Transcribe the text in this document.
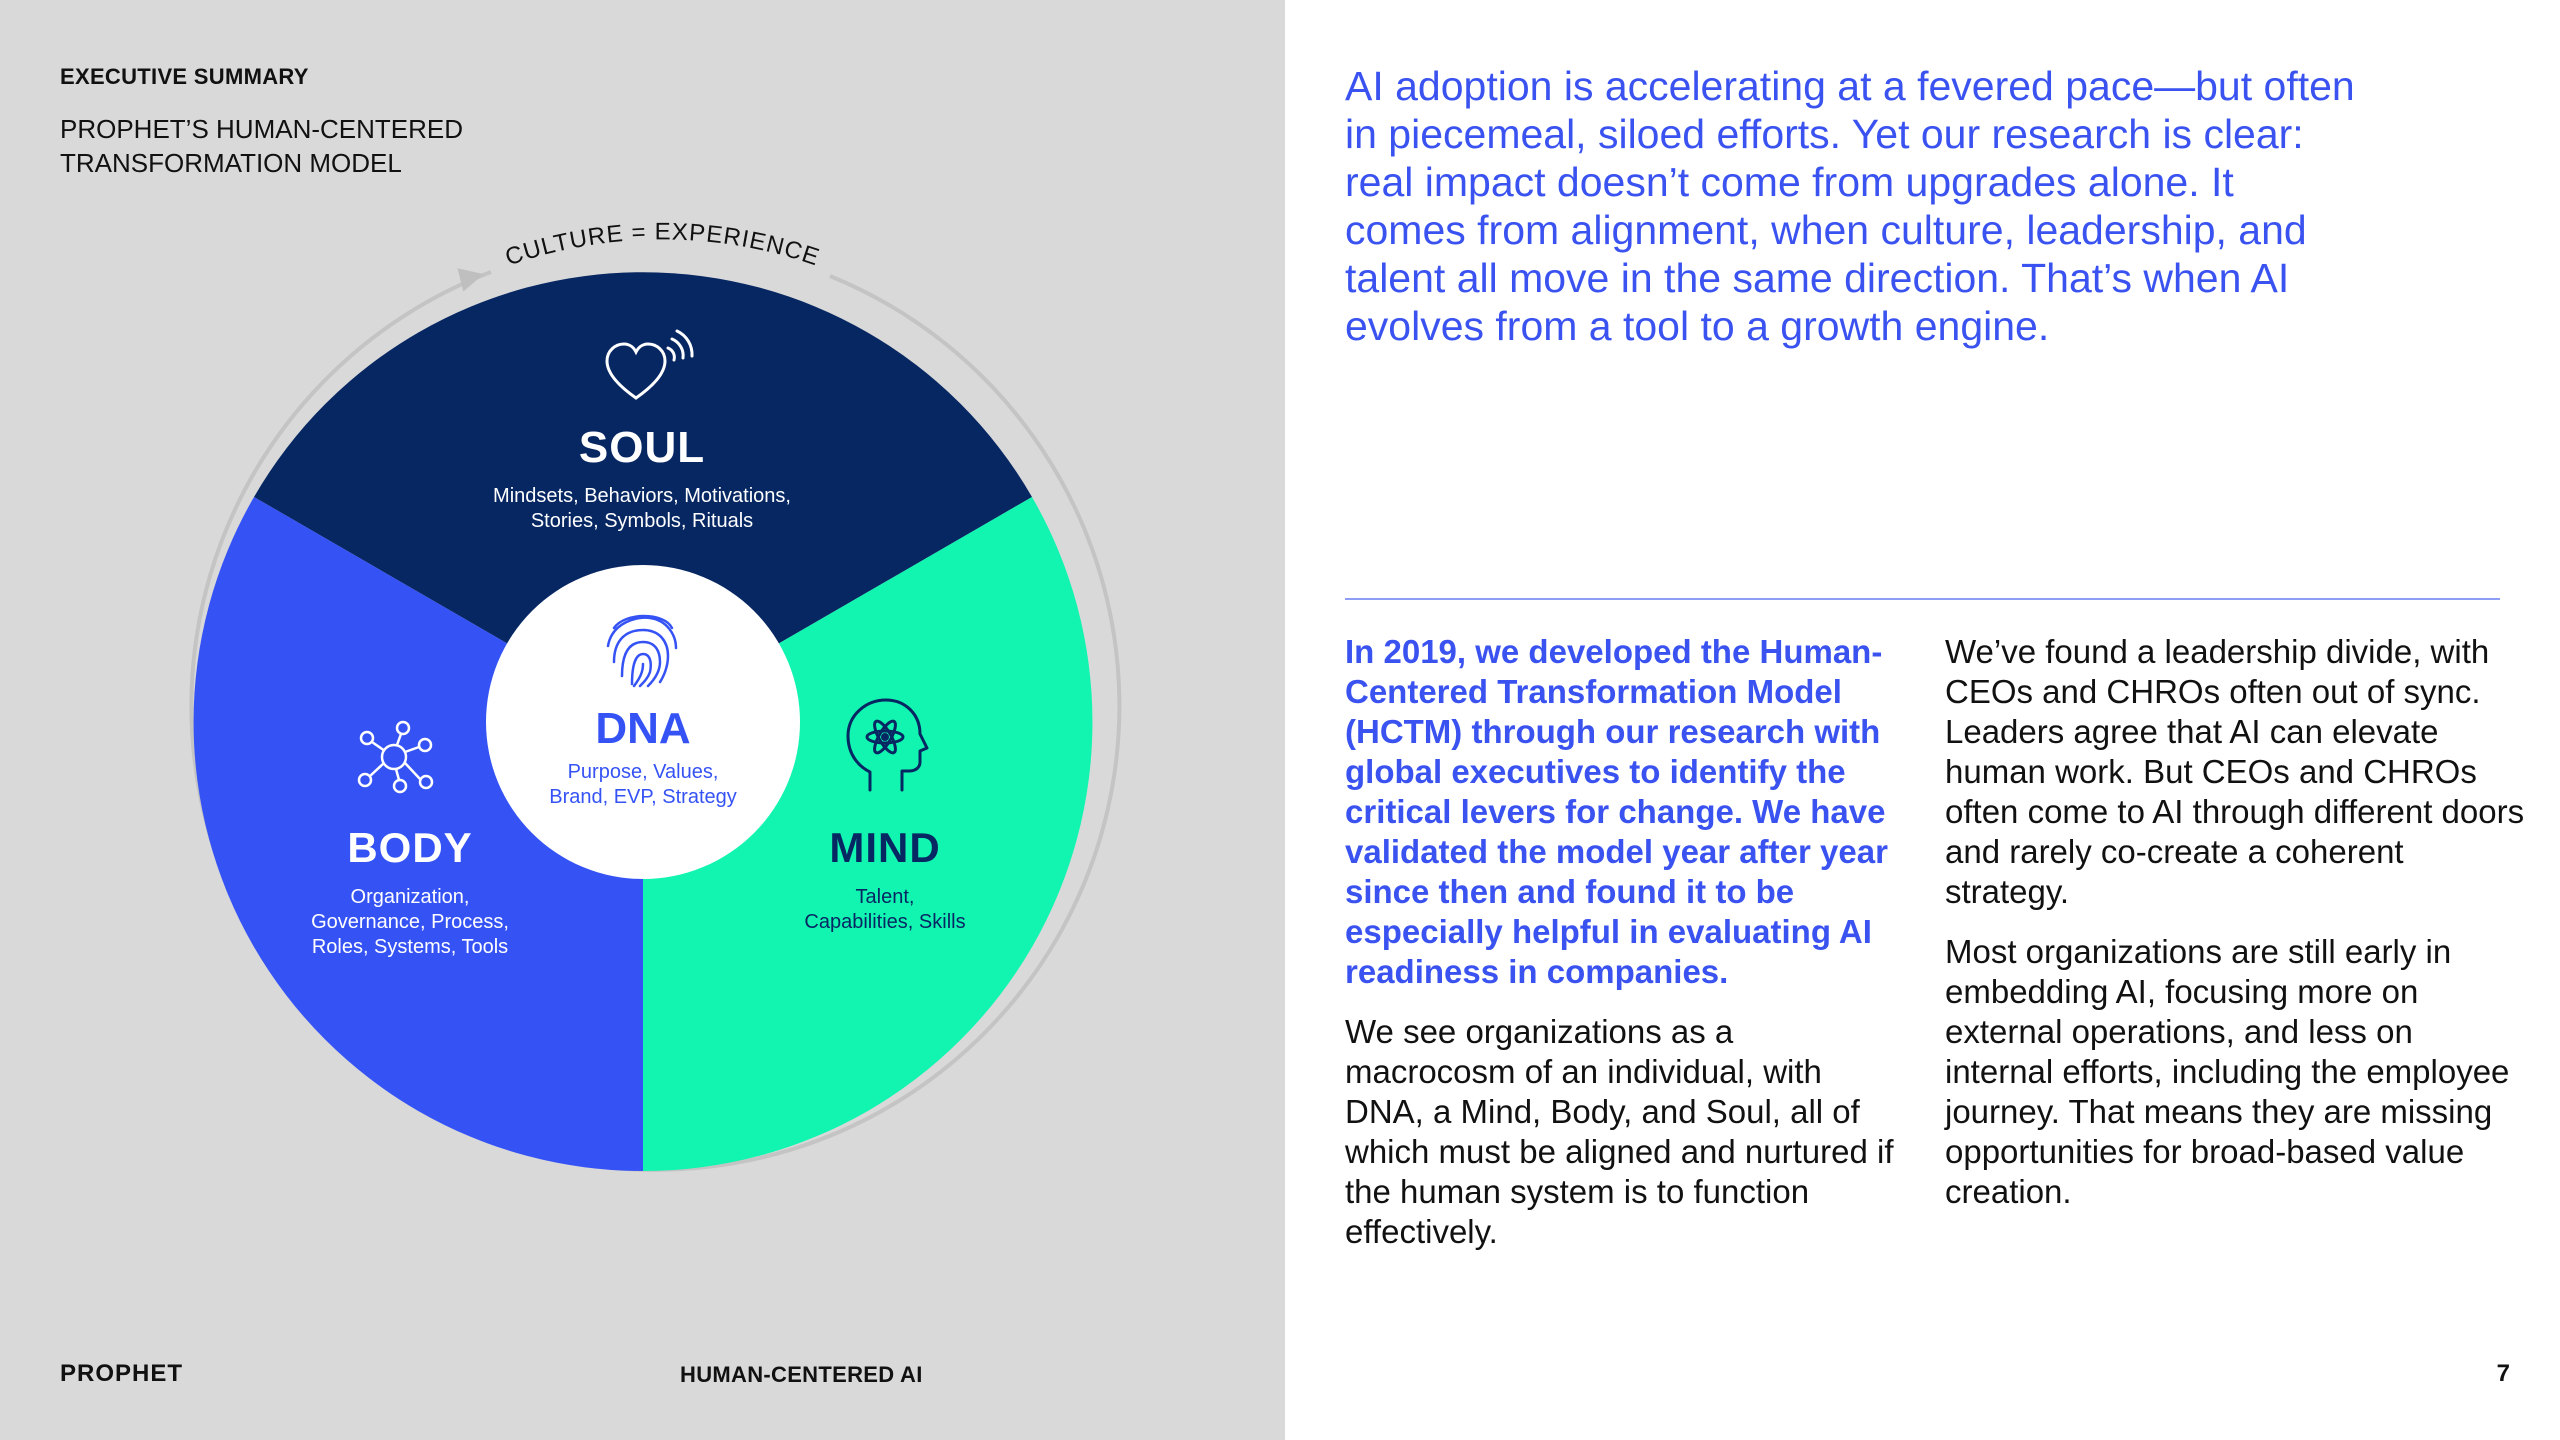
EXECUTIVE SUMMARY
PROPHET’S HUMAN-CENTERED TRANSFORMATION MODEL
CULTURE = EXPERIENCE
SOUL
Mindsets, Behaviors, Motivations,
Stories, Symbols, Rituals
BODY
Organization,
Governance, Process,
Roles, Systems, Tools
MIND
Talent,
Capabilities, Skills
DNA
Purpose, Values,
Brand, EVP, Strategy
PROPHET	HUMAN-CENTERED AI
AI adoption is accelerating at a fevered pace—but often in piecemeal, siloed efforts. Yet our research is clear: real impact doesn’t come from upgrades alone. It comes from alignment, when culture, leadership, and talent all move in the same direction. That’s when AI evolves from a tool to a growth engine.

In 2019, we developed the Human-Centered Transformation Model (HCTM) through our research with global executives to identify the critical levers for change. We have validated the model year after year since then and found it to be especially helpful in evaluating AI readiness in companies.

We see organizations as a macrocosm of an individual, with DNA, a Mind, Body, and Soul, all of which must be aligned and nurtured if the human system is to function effectively.

We’ve found a leadership divide, with CEOs and CHROs often out of sync. Leaders agree that AI can elevate human work. But CEOs and CHROs often come to AI through different doors and rarely co-create a coherent strategy.

Most organizations are still early in embedding AI, focusing more on external operations, and less on internal efforts, including the employee journey. That means they are missing opportunities for broad-based value creation.

7
